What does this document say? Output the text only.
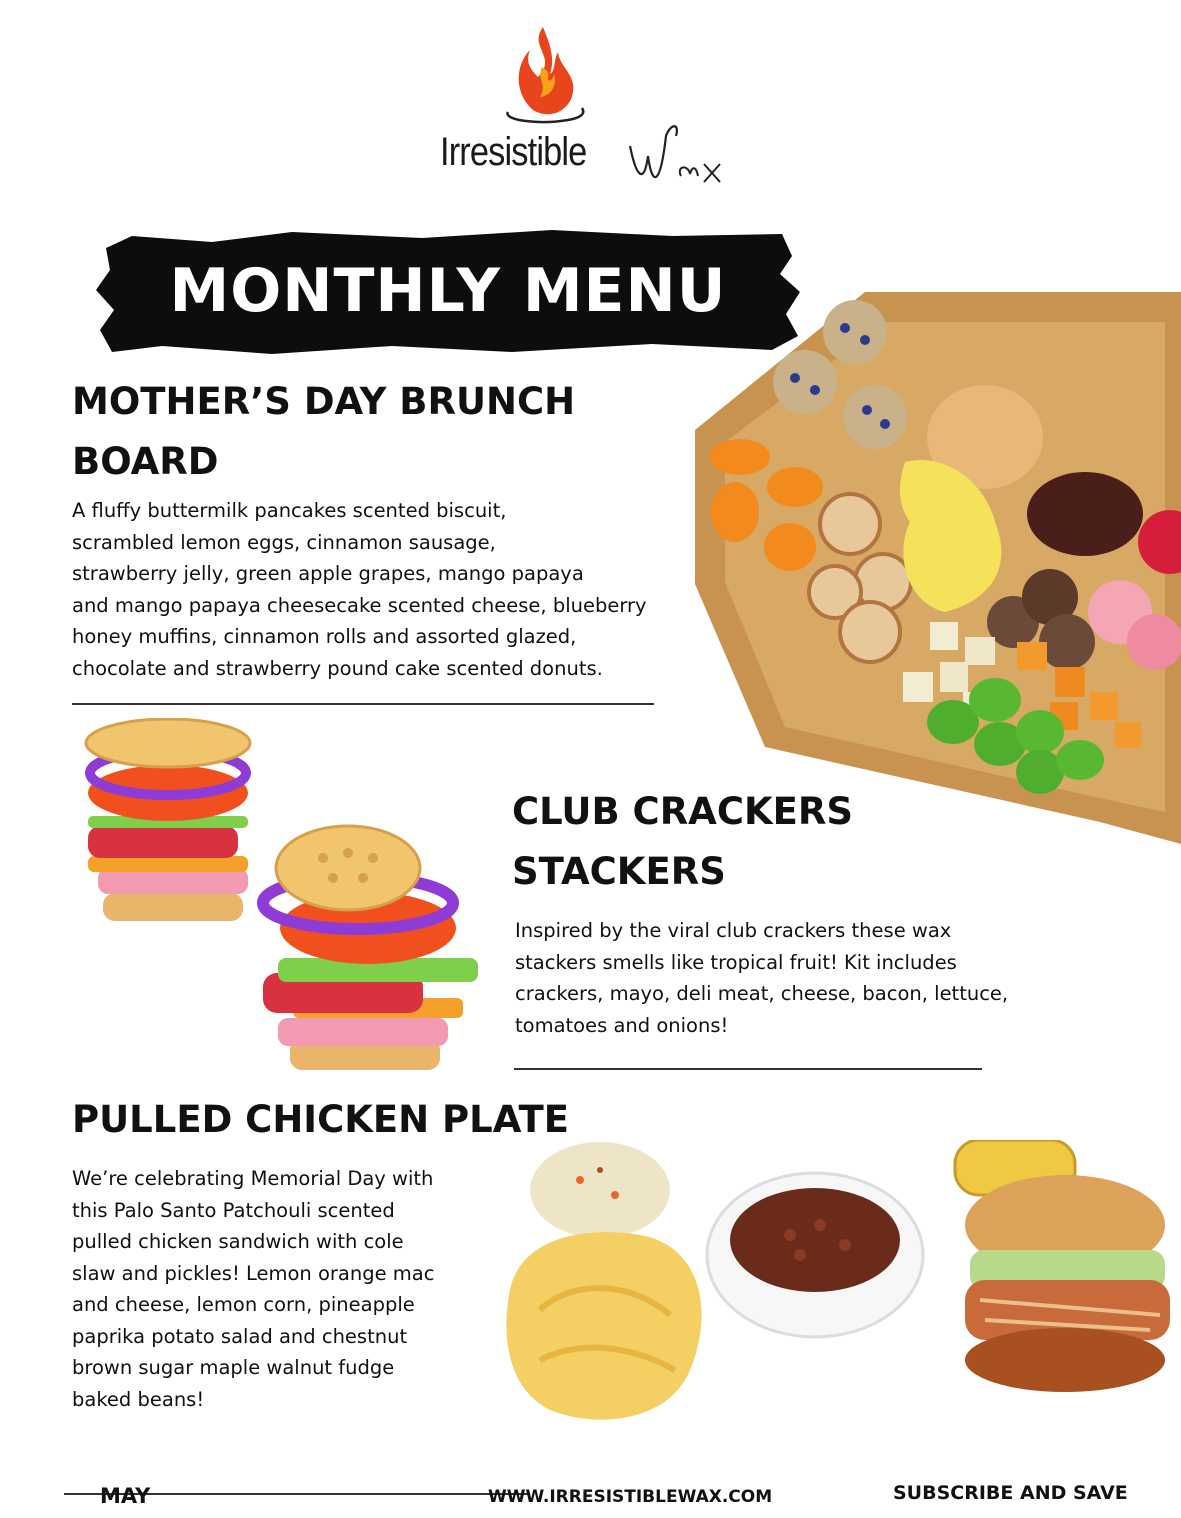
Irresistible
MONTHLY MENU
MOTHER’S DAY BRUNCH
BOARD

A fluffy buttermilk pancakes scented biscuit,

scrambled lemon eggs, cinnamon sausage,

strawberry jelly, green apple grapes, mango papaya

and mango papaya cheesecake scented cheese, blueberry

honey muffins, cinnamon rolls and assorted glazed,

chocolate and strawberry pound cake scented donuts.

CLUB CRACKERS
STACKERS

Inspired by the viral club crackers these wax

stackers smells like tropical fruit! Kit includes

crackers, mayo, deli meat, cheese, bacon, lettuce,

tomatoes and onions!

PULLED CHICKEN PLATE

We’re celebrating Memorial Day with

this Palo Santo Patchouli scented

pulled chicken sandwich with cole

slaw and pickles! Lemon orange mac

and cheese, lemon corn, pineapple

paprika potato salad and chestnut

brown sugar maple walnut fudge

baked beans!

MAY	WWW.IRRESISTIBLEWAX.COM	SUBSCRIBE AND SAVE
